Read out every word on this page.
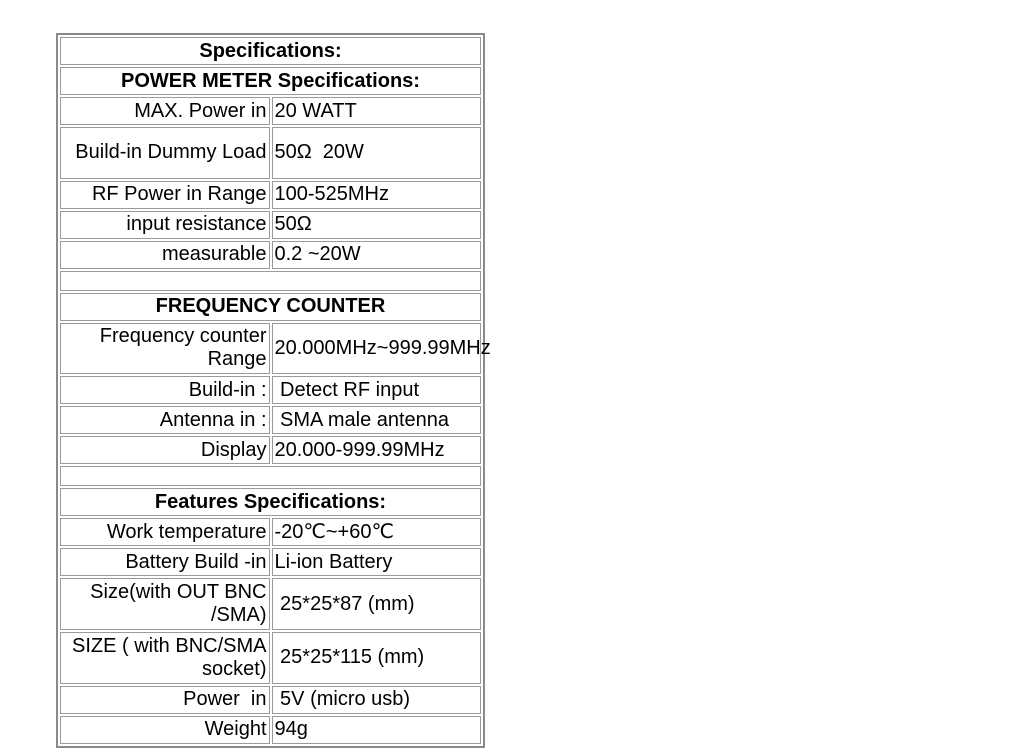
Specifications:	
POWER METER Specifications:	
MAX. Power in	20 WATT
Build-in Dummy Load	50Ω  20W
RF Power in Range	100-525MHz
input resistance	50Ω
measurable	0.2 ~20W

FREQUENCY COUNTER	
Frequency counter Range	20.000MHz~999.99MHz
Build-in :	Detect RF input
Antenna in :	SMA male antenna
Display	20.000-999.99MHz

Features Specifications:	
Work temperature	-20℃~+60℃
Battery Build -in	Li-ion Battery
Size(with OUT BNC /SMA)	25*25*87 (mm)
SIZE ( with BNC/SMA socket)	25*25*115 (mm)
Power  in	5V (micro usb)
Weight	94g
